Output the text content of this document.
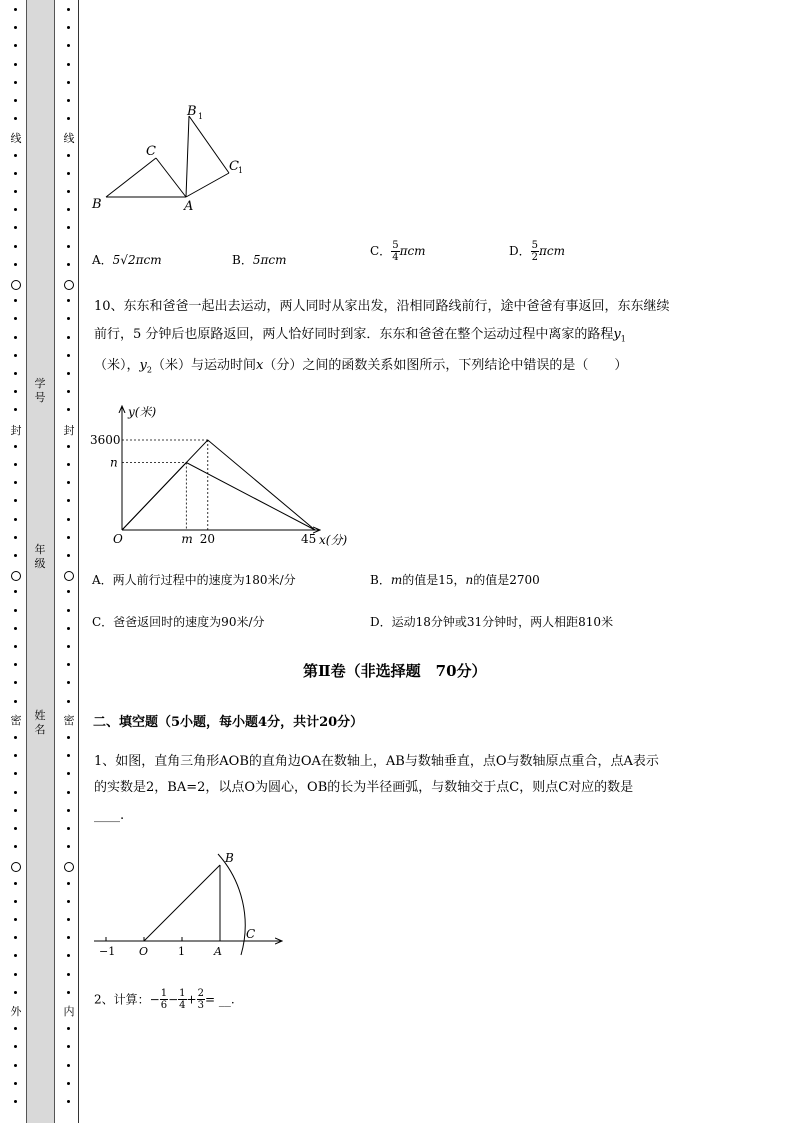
线
封
密
外
线
封
密
内
学号
年级
姓名
B
C
A
B 1
C 1
A．5√2πcm	B．5πcm
C． $\frac{5}{4}$ πcm	D． $\frac{5}{2}$ πcm
10、东东和爸爸一起出去运动，两人同时从家出发，沿相同路线前行，途中爸爸有事返回，东东继续
前行，5 分钟后也原路返回，两人恰好同时到家．东东和爸爸在整个运动过程中离家的路程$y_1$
（米），$y_2$（米）与运动时间x（分）之间的函数关系如图所示，下列结论中错误的是（　　）
y(米)
x(分)
O	m 20	45
3600
n
A．两人前行过程中的速度为180米/分	B．m的值是15，n的值是2700
C．爸爸返回时的速度为90米/分	D．运动18分钟或31分钟时，两人相距810米
第Ⅱ卷（非选择题　70分）
二、填空题（5小题，每小题4分，共计20分）
1、如图，直角三角形AOB的直角边OA在数轴上，AB与数轴垂直，点O与数轴原点重合，点A表示
的实数是2，BA=2，以点O为圆心，OB的长为半径画弧，与数轴交于点C，则点C对应的数是
____.
−1 O	1	A
B
C
2、计算：− $\frac{1}{6} - \frac{1}{4} + \frac{2}{3}$ = __.
